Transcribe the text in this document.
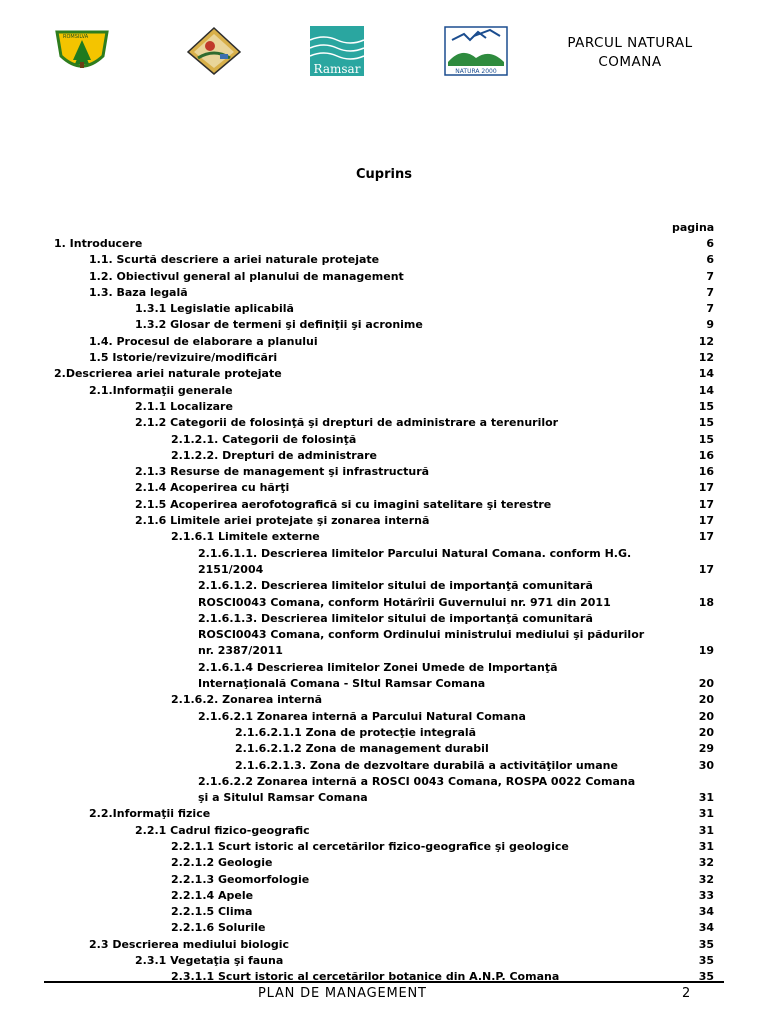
ROMSILVA
Ramsar	NATURA 2000
PARCUL NATURAL
COMANA
Cuprins
pagina
1. Introducere	6
1.1. Scurtă descriere a ariei naturale protejate	6
1.2. Obiectivul general al planului de management	7
1.3. Baza legală	7
1.3.1 Legislatie aplicabilă	7
1.3.2 Glosar de termeni şi definiţii şi acronime	9
1.4. Procesul de elaborare a planului	12
1.5 Istorie/revizuire/modificări	12
2.Descrierea ariei naturale protejate	14
2.1.Informaţii generale	14
2.1.1 Localizare	15
2.1.2 Categorii de folosinţă şi drepturi de administrare a terenurilor	15
2.1.2.1. Categorii de folosinţă	15
2.1.2.2. Drepturi de administrare	16
2.1.3 Resurse de management şi infrastructură	16
2.1.4 Acoperirea cu hărţi	17
2.1.5 Acoperirea aerofotografică si cu imagini satelitare şi terestre	17
2.1.6 Limitele ariei protejate şi zonarea internă	17
2.1.6.1 Limitele externe	17
2.1.6.1.1. Descrierea limitelor Parcului Natural Comana. conform H.G. 2151/2004	17
2.1.6.1.2. Descrierea limitelor sitului de importanţă comunitară ROSCI0043 Comana, conform Hotărîrii Guvernului nr. 971 din 2011	18
2.1.6.1.3. Descrierea limitelor sitului de importanţă comunitară ROSCI0043 Comana, conform Ordinului ministrului mediului şi pădurilor nr. 2387/2011	19
2.1.6.1.4 Descrierea limitelor Zonei Umede de Importanţă Internaţională Comana - SItul Ramsar Comana	20
2.1.6.2. Zonarea internă	20
2.1.6.2.1 Zonarea internă a Parcului Natural Comana	20
2.1.6.2.1.1 Zona de protecţie integrală	20
2.1.6.2.1.2 Zona de management durabil	29
2.1.6.2.1.3. Zona de dezvoltare durabilă a activităţilor umane	30
2.1.6.2.2 Zonarea internă a ROSCI 0043 Comana, ROSPA 0022 Comana şi a Situlul Ramsar Comana	31
2.2.Informaţii fizice	31
2.2.1 Cadrul fizico-geografic	31
2.2.1.1 Scurt istoric al cercetărilor fizico-geografice şi geologice	31
2.2.1.2 Geologie	32
2.2.1.3 Geomorfologie	32
2.2.1.4 Apele	33
2.2.1.5 Clima	34
2.2.1.6 Solurile	34
2.3 Descrierea mediului biologic	35
2.3.1 Vegetaţia şi fauna	35
2.3.1.1 Scurt istoric al cercetărilor botanice din A.N.P. Comana	35
PLAN DE MANAGEMENT	2
